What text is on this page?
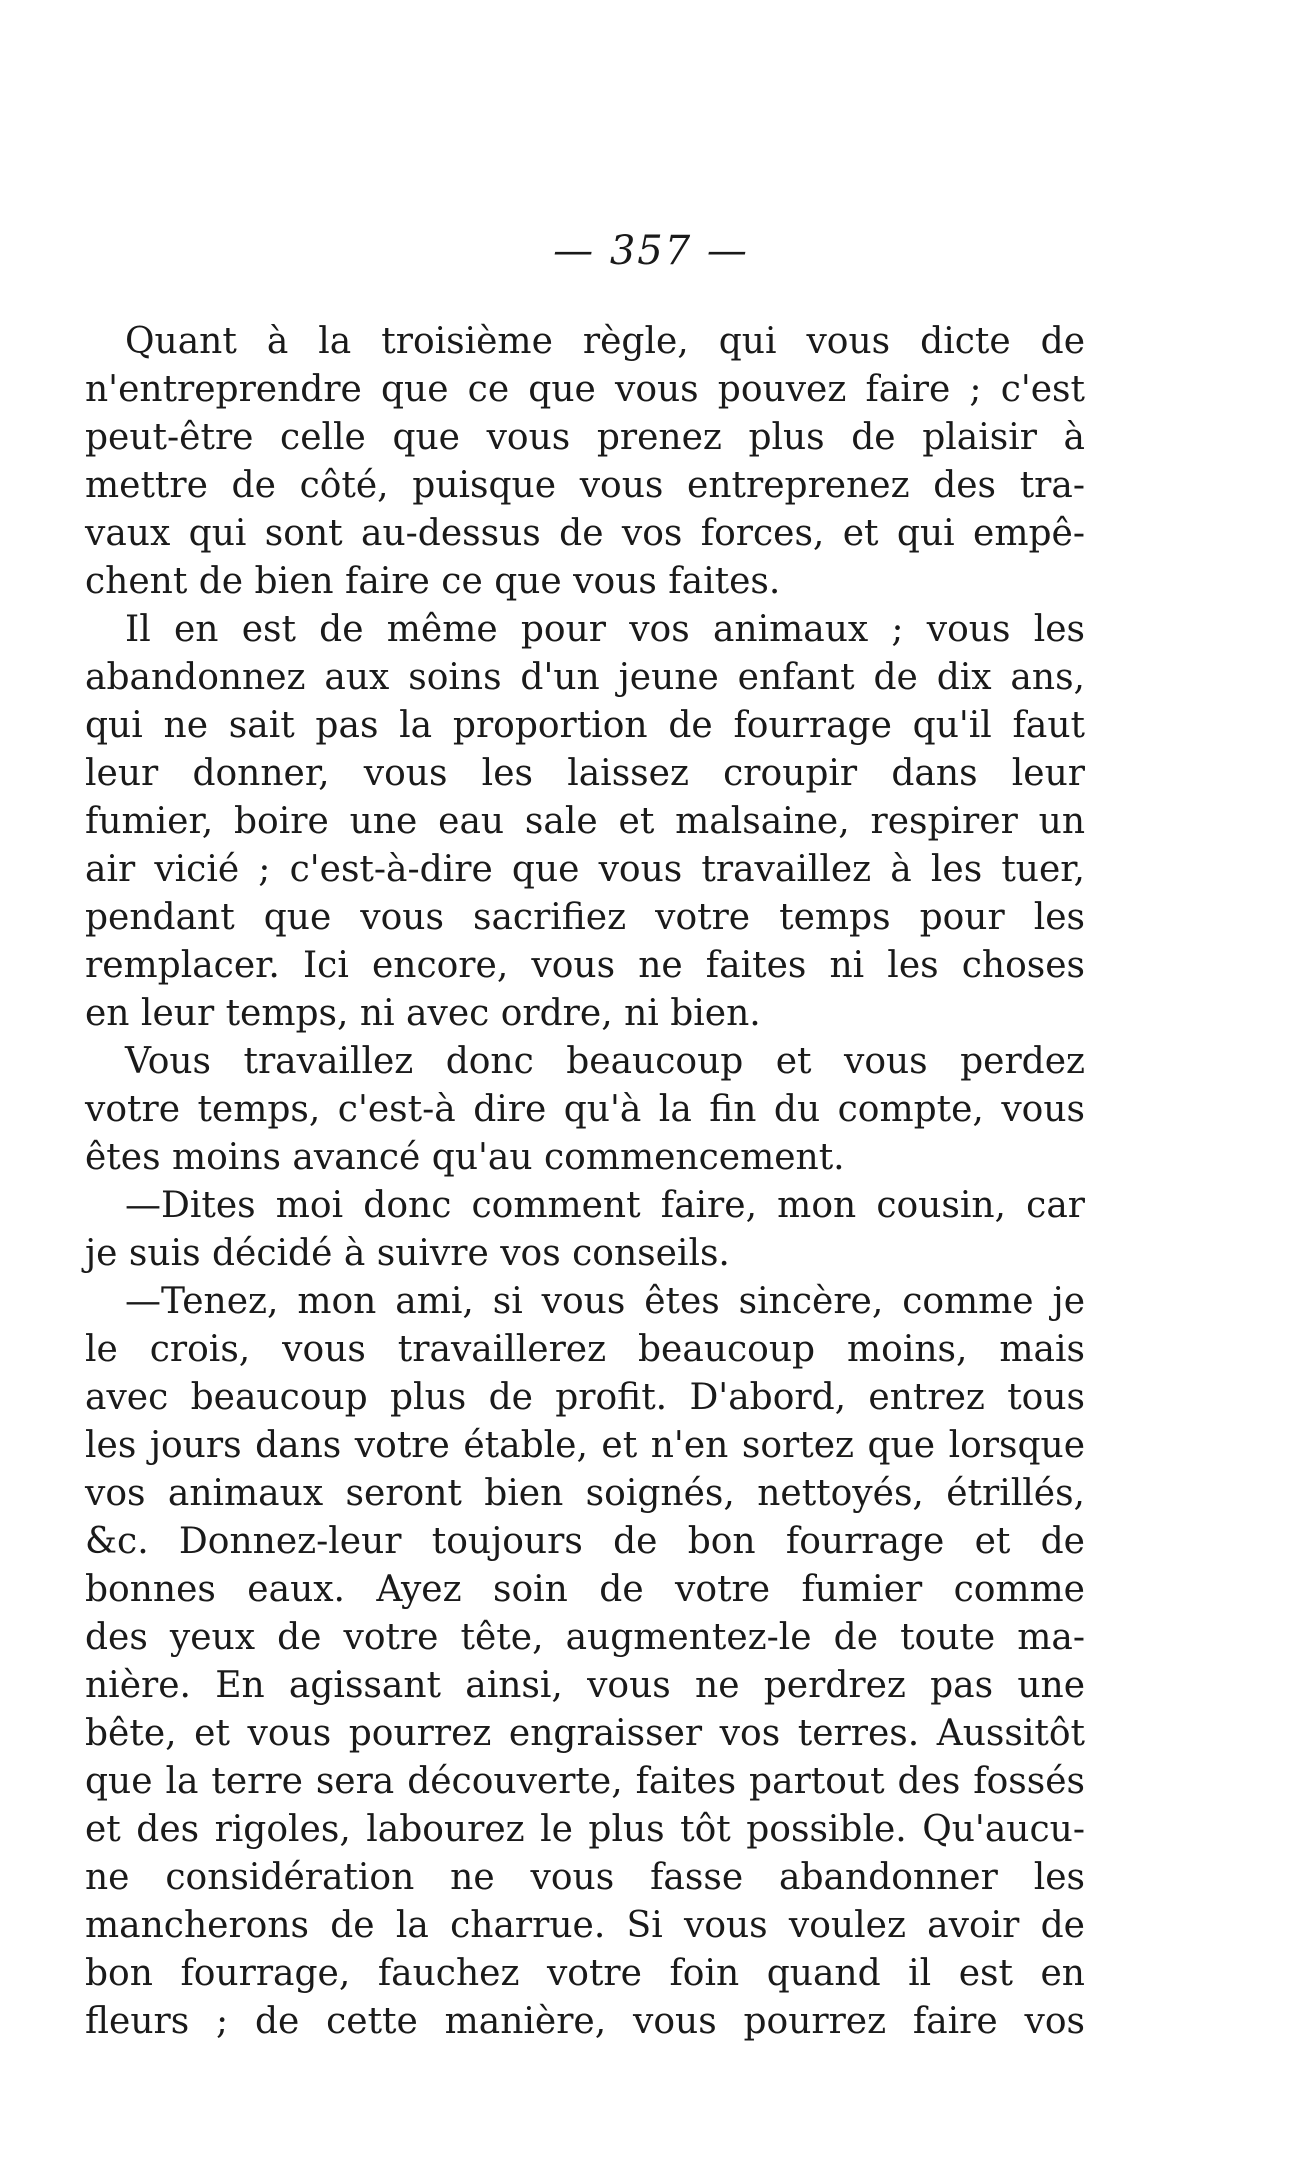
— 357 —
Quant à la troisième règle, qui vous dicte de
n'entreprendre que ce que vous pouvez faire ; c'est
peut-être celle que vous prenez plus de plaisir à
mettre de côté, puisque vous entreprenez des tra-
vaux qui sont au-dessus de vos forces, et qui empê-
chent de bien faire ce que vous faites.
Il en est de même pour vos animaux ; vous les
abandonnez aux soins d'un jeune enfant de dix ans,
qui ne sait pas la proportion de fourrage qu'il faut
leur donner, vous les laissez croupir dans leur
fumier, boire une eau sale et malsaine, respirer un
air vicié ; c'est-à-dire que vous travaillez à les tuer,
pendant que vous sacrifiez votre temps pour les
remplacer. Ici encore, vous ne faites ni les choses
en leur temps, ni avec ordre, ni bien.
Vous travaillez donc beaucoup et vous perdez
votre temps, c'est-à dire qu'à la fin du compte, vous
êtes moins avancé qu'au commencement.
—Dites moi donc comment faire, mon cousin, car
je suis décidé à suivre vos conseils.
—Tenez, mon ami, si vous êtes sincère, comme je
le crois, vous travaillerez beaucoup moins, mais
avec beaucoup plus de profit. D'abord, entrez tous
les jours dans votre étable, et n'en sortez que lorsque
vos animaux seront bien soignés, nettoyés, étrillés,
&c. Donnez-leur toujours de bon fourrage et de
bonnes eaux. Ayez soin de votre fumier comme
des yeux de votre tête, augmentez-le de toute ma-
nière. En agissant ainsi, vous ne perdrez pas une
bête, et vous pourrez engraisser vos terres. Aussitôt
que la terre sera découverte, faites partout des fossés
et des rigoles, labourez le plus tôt possible. Qu'aucu-
ne considération ne vous fasse abandonner les
mancherons de la charrue. Si vous voulez avoir de
bon fourrage, fauchez votre foin quand il est en
fleurs ; de cette manière, vous pourrez faire vos
